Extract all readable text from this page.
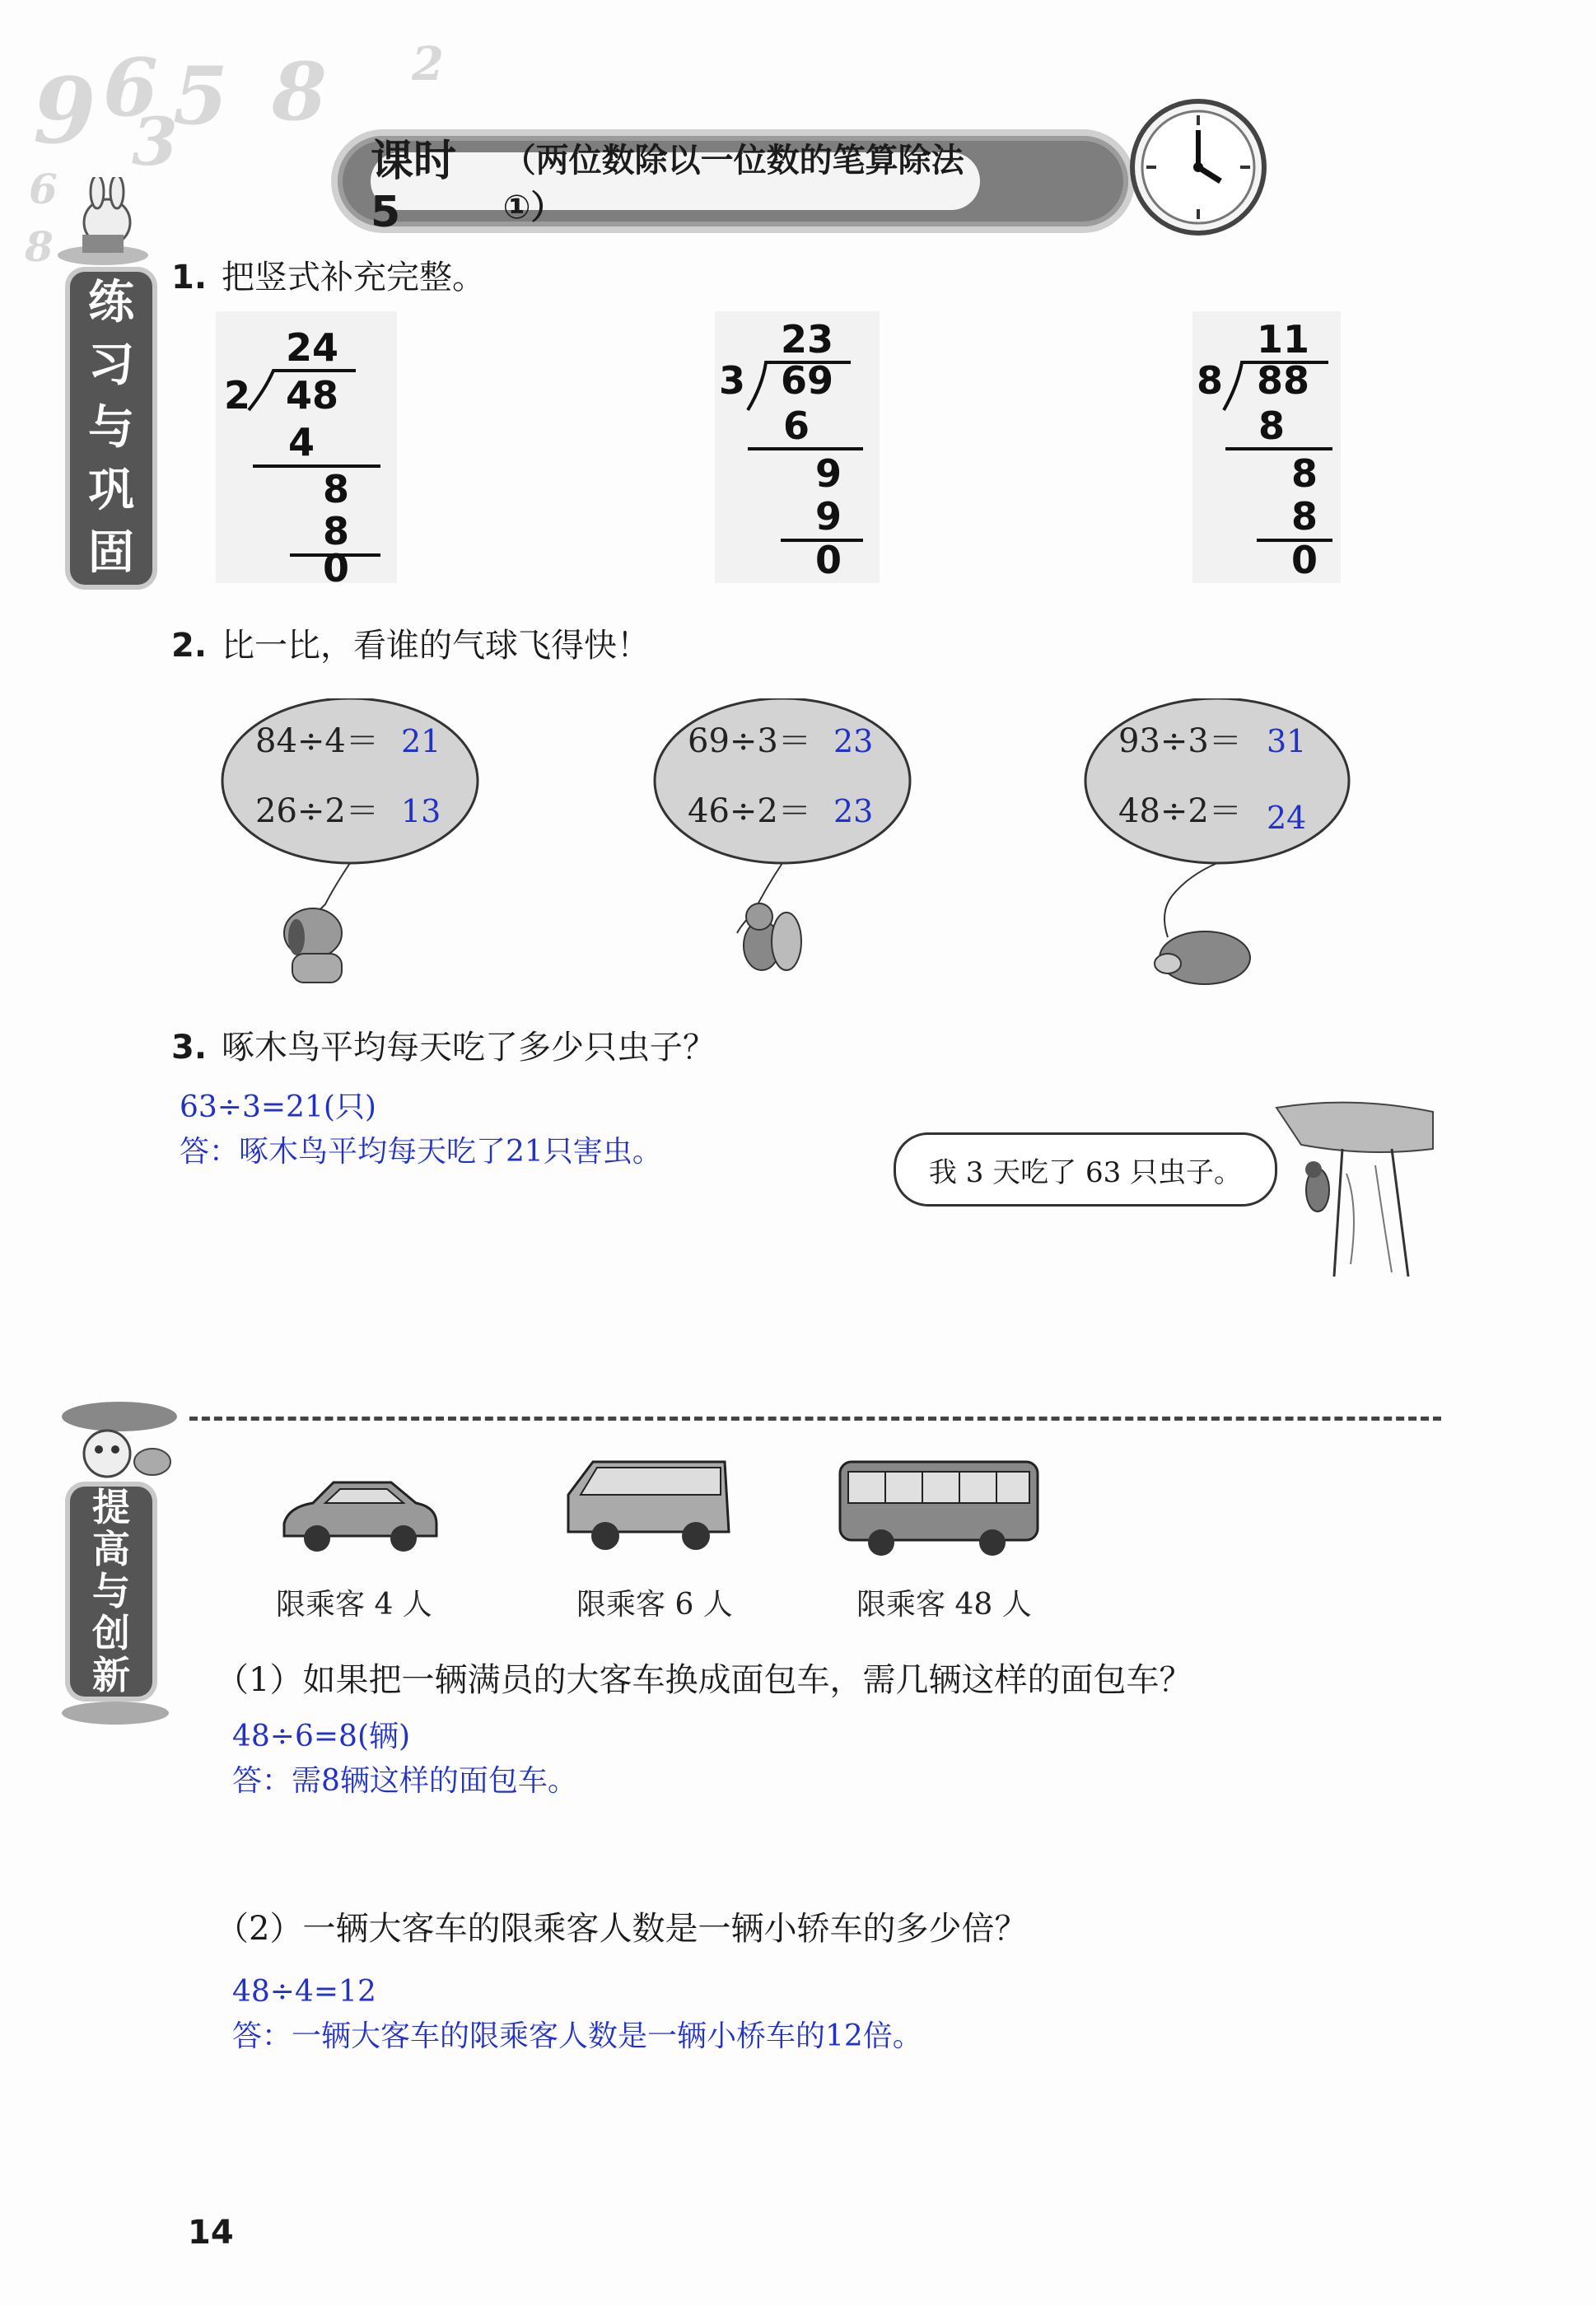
9 6 5 8
3
2
6
8
课时 5
（两位数除以一位数的笔算除法①）
练
习
与
巩
固
1. 把竖式补充完整。
24
2 48
4
8
8
0
23
3 69
6
9
9
0
11
8 88
8
8
8
0
2. 比一比，看谁的气球飞得快！
84÷4＝ 21
26÷2＝ 13
69÷3＝ 23
46÷2＝ 23
93÷3＝ 31
48÷2＝ 24
3. 啄木鸟平均每天吃了多少只虫子？
63÷3=21(只)
答：啄木鸟平均每天吃了21只害虫。
我 3 天吃了 63 只虫子。
提
高
与
创
新
限乘客 4 人	限乘客 6 人	限乘客 48 人
（1）如果把一辆满员的大客车换成面包车，需几辆这样的面包车？
48÷6=8(辆)
答：需8辆这样的面包车。
（2）一辆大客车的限乘客人数是一辆小轿车的多少倍？
48÷4=12
答：一辆大客车的限乘客人数是一辆小桥车的12倍。
14
